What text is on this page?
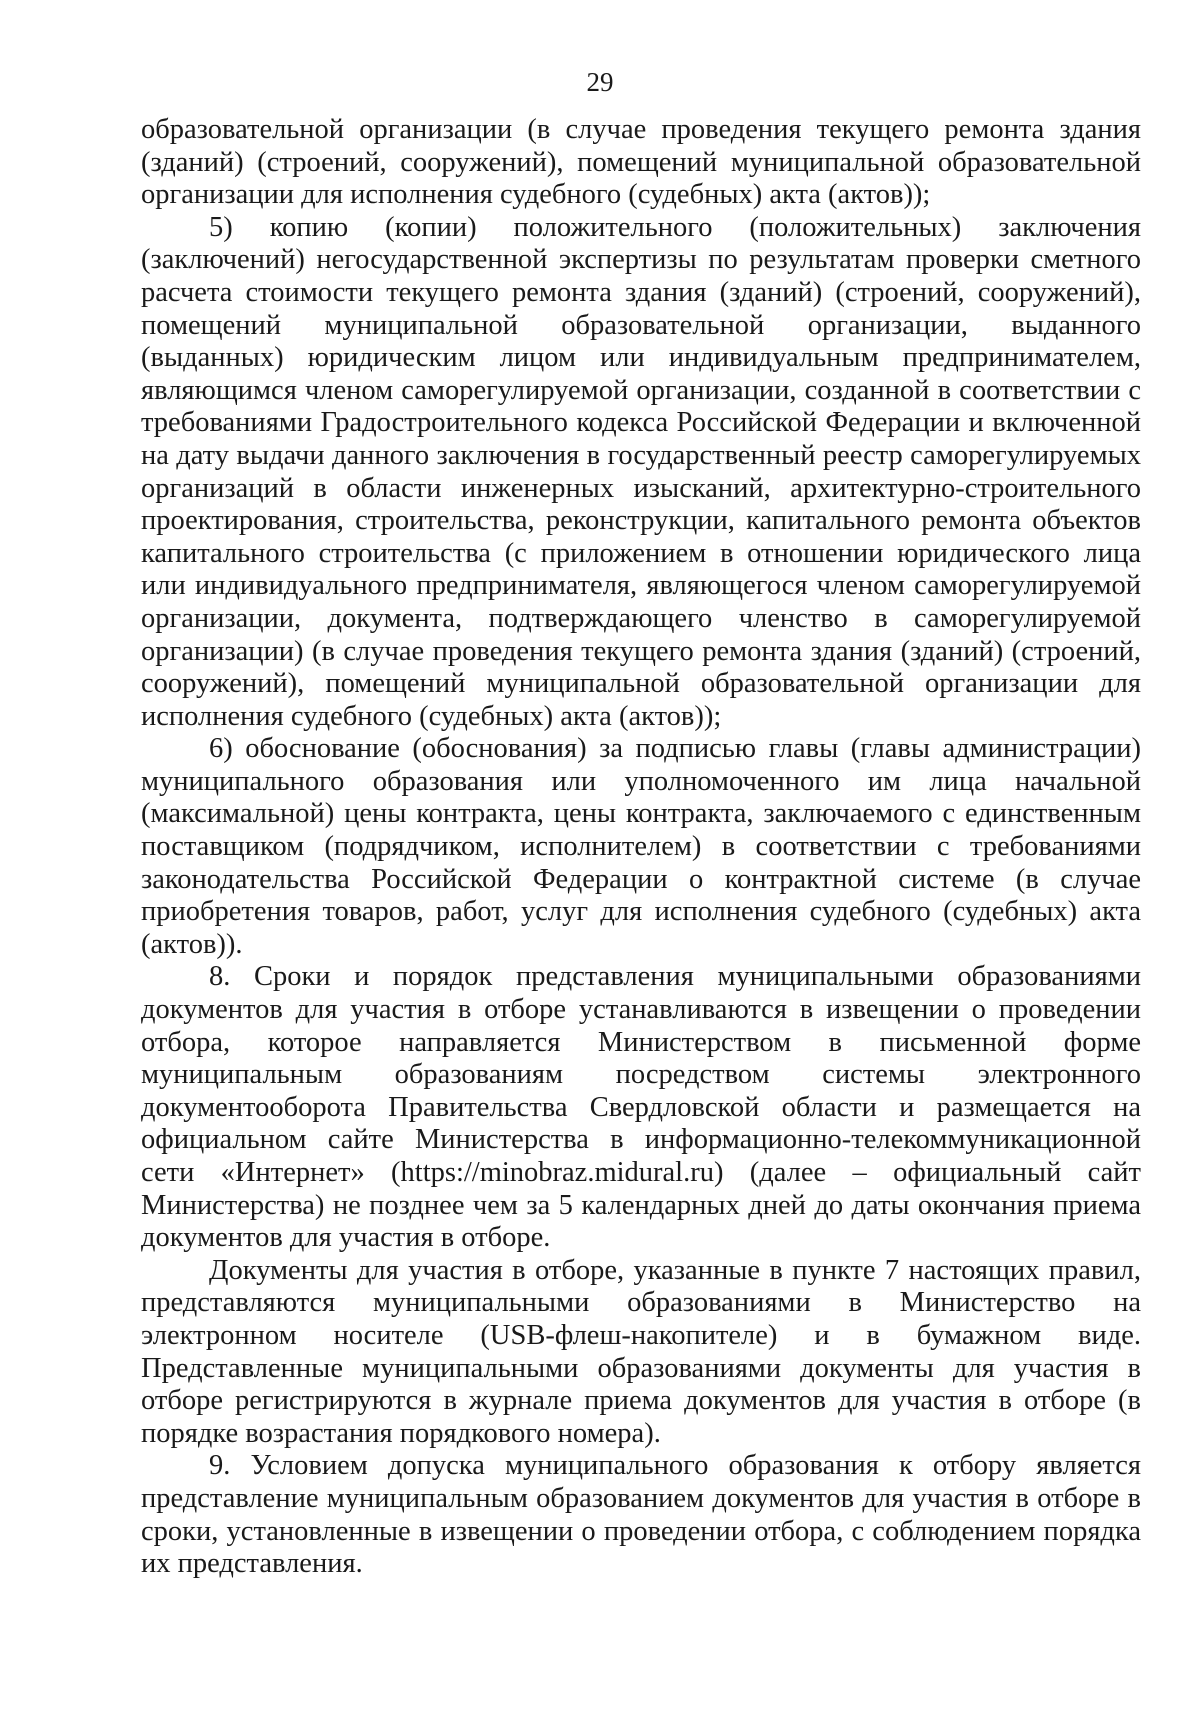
29

образовательной организации (в случае проведения текущего ремонта здания (зданий) (строений, сооружений), помещений муниципальной образовательной организации для исполнения судебного (судебных) акта (актов));

5) копию (копии) положительного (положительных) заключения (заключений) негосударственной экспертизы по результатам проверки сметного расчета стоимости текущего ремонта здания (зданий) (строений, сооружений), помещений муниципальной образовательной организации, выданного (выданных) юридическим лицом или индивидуальным предпринимателем, являющимся членом саморегулируемой организации, созданной в соответствии с требованиями Градостроительного кодекса Российской Федерации и включенной на дату выдачи данного заключения в государственный реестр саморегулируемых организаций в области инженерных изысканий, архитектурно-строительного проектирования, строительства, реконструкции, капитального ремонта объектов капитального строительства (с приложением в отношении юридического лица или индивидуального предпринимателя, являющегося членом саморегулируемой организации, документа, подтверждающего членство в саморегулируемой организации) (в случае проведения текущего ремонта здания (зданий) (строений, сооружений), помещений муниципальной образовательной организации для исполнения судебного (судебных) акта (актов));

6) обоснование (обоснования) за подписью главы (главы администрации) муниципального образования или уполномоченного им лица начальной (максимальной) цены контракта, цены контракта, заключаемого с единственным поставщиком (подрядчиком, исполнителем) в соответствии с требованиями законодательства Российской Федерации о контрактной системе (в случае приобретения товаров, работ, услуг для исполнения судебного (судебных) акта (актов)).

8. Сроки и порядок представления муниципальными образованиями документов для участия в отборе устанавливаются в извещении о проведении отбора, которое направляется Министерством в письменной форме муниципальным образованиям посредством системы электронного документооборота Правительства Свердловской области и размещается на официальном сайте Министерства в информационно-телекоммуникационной сети «Интернет» (https://minobraz.midural.ru) (далее – официальный сайт Министерства) не позднее чем за 5 календарных дней до даты окончания приема документов для участия в отборе.

Документы для участия в отборе, указанные в пункте 7 настоящих правил, представляются муниципальными образованиями в Министерство на электронном носителе (USB-флеш-накопителе) и в бумажном виде. Представленные муниципальными образованиями документы для участия в отборе регистрируются в журнале приема документов для участия в отборе (в порядке возрастания порядкового номера).

9. Условием допуска муниципального образования к отбору является представление муниципальным образованием документов для участия в отборе в сроки, установленные в извещении о проведении отбора, с соблюдением порядка их представления.
